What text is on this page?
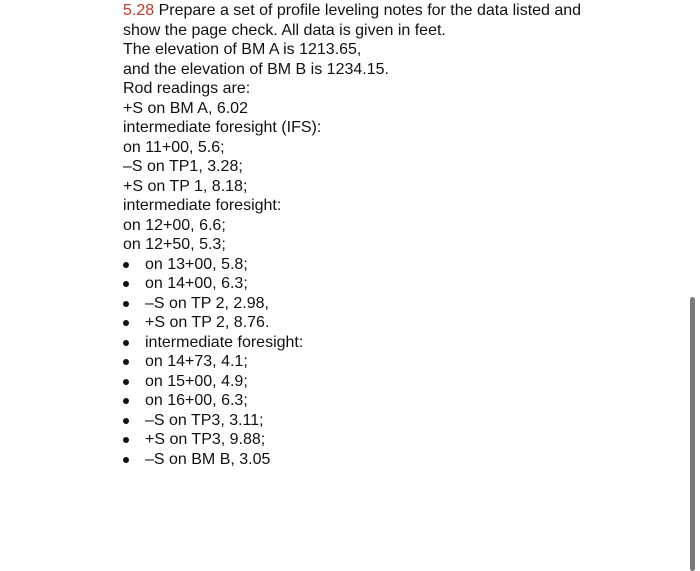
5.28 Prepare a set of profile leveling notes for the data listed and
show the page check. All data is given in feet.
The elevation of BM A is 1213.65,
and the elevation of BM B is 1234.15.
Rod readings are:
+S on BM A, 6.02
intermediate foresight (IFS):
on 11+00, 5.6;
–S on TP1, 3.28;
+S on TP 1, 8.18;
intermediate foresight:
on 12+00, 6.6;
on 12+50, 5.3;
on 13+00, 5.8;
on 14+00, 6.3;
–S on TP 2, 2.98,
+S on TP 2, 8.76.
intermediate foresight:
on 14+73, 4.1;
on 15+00, 4.9;
on 16+00, 6.3;
–S on TP3, 3.11;
+S on TP3, 9.88;
–S on BM B, 3.05
